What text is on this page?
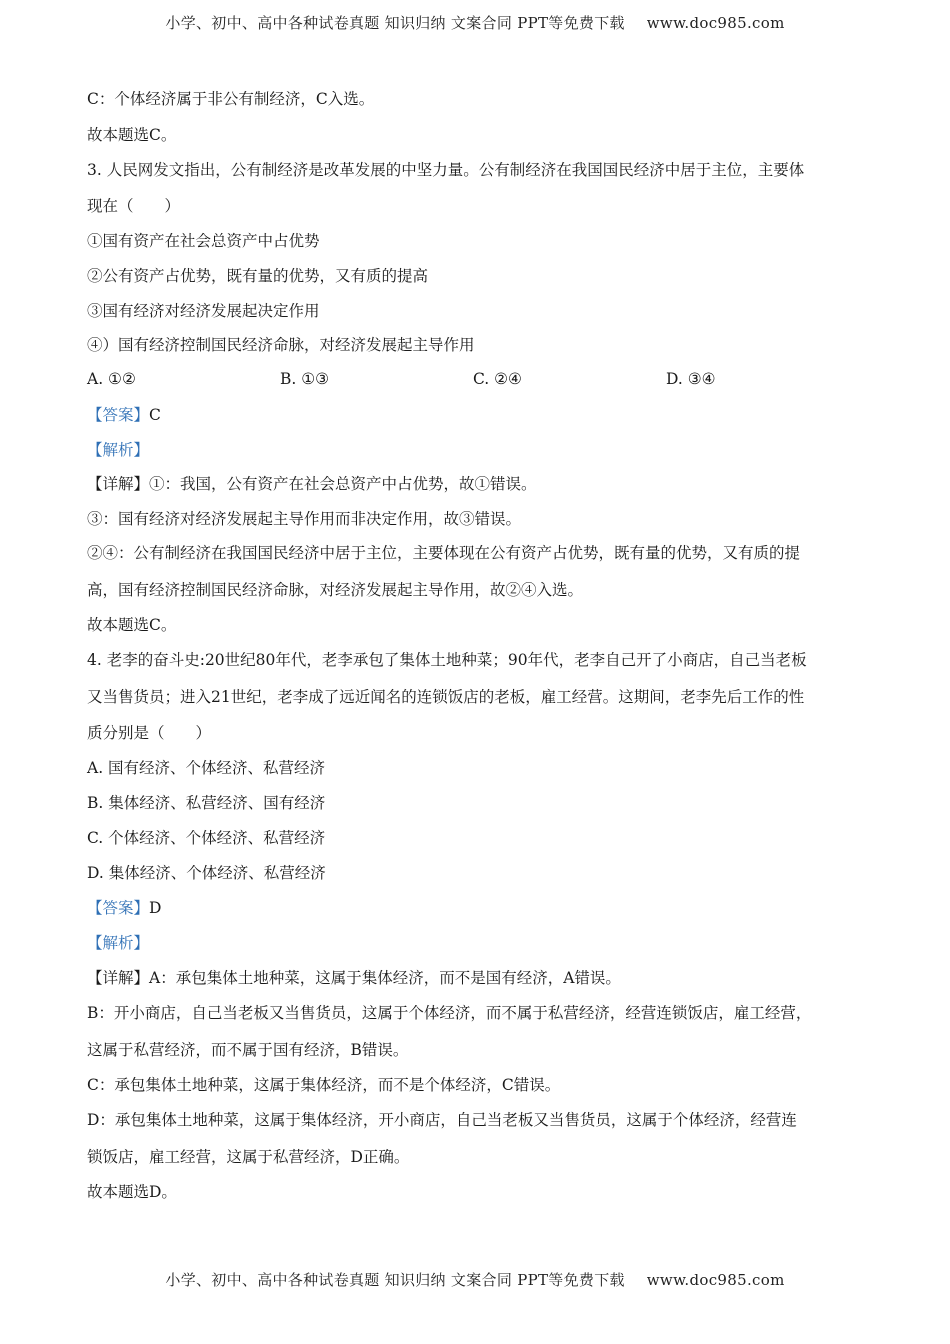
小学、初中、高中各种试卷真题 知识归纳 文案合同 PPT等免费下载 www.doc985.com
C：个体经济属于非公有制经济，C入选。
故本题选C。
3. 人民网发文指出，公有制经济是改革发展的中坚力量。公有制经济在我国国民经济中居于主位，主要体
现在（　　）
①国有资产在社会总资产中占优势
②公有资产占优势，既有量的优势，又有质的提高
③国有经济对经济发展起决定作用
④）国有经济控制国民经济命脉，对经济发展起主导作用
A. ①②	B. ①③	C. ②④	D. ③④
【答案】C
【解析】
【详解】①：我国，公有资产在社会总资产中占优势，故①错误。
③：国有经济对经济发展起主导作用而非决定作用，故③错误。
②④：公有制经济在我国国民经济中居于主位，主要体现在公有资产占优势，既有量的优势，又有质的提
高，国有经济控制国民经济命脉，对经济发展起主导作用，故②④入选。
故本题选C。
4. 老李的奋斗史:20世纪80年代，老李承包了集体土地种菜；90年代，老李自己开了小商店，自己当老板
又当售货员；进入21世纪，老李成了远近闻名的连锁饭店的老板，雇工经营。这期间，老李先后工作的性
质分别是（　　）
A. 国有经济、个体经济、私营经济
B. 集体经济、私营经济、国有经济
C. 个体经济、个体经济、私营经济
D. 集体经济、个体经济、私营经济
【答案】D
【解析】
【详解】A：承包集体土地种菜，这属于集体经济，而不是国有经济，A错误。
B：开小商店，自己当老板又当售货员，这属于个体经济，而不属于私营经济，经营连锁饭店，雇工经营，
这属于私营经济，而不属于国有经济，B错误。
C：承包集体土地种菜，这属于集体经济，而不是个体经济，C错误。
D：承包集体土地种菜，这属于集体经济，开小商店，自己当老板又当售货员，这属于个体经济，经营连
锁饭店，雇工经营，这属于私营经济，D正确。
故本题选D。
小学、初中、高中各种试卷真题 知识归纳 文案合同 PPT等免费下载 www.doc985.com
